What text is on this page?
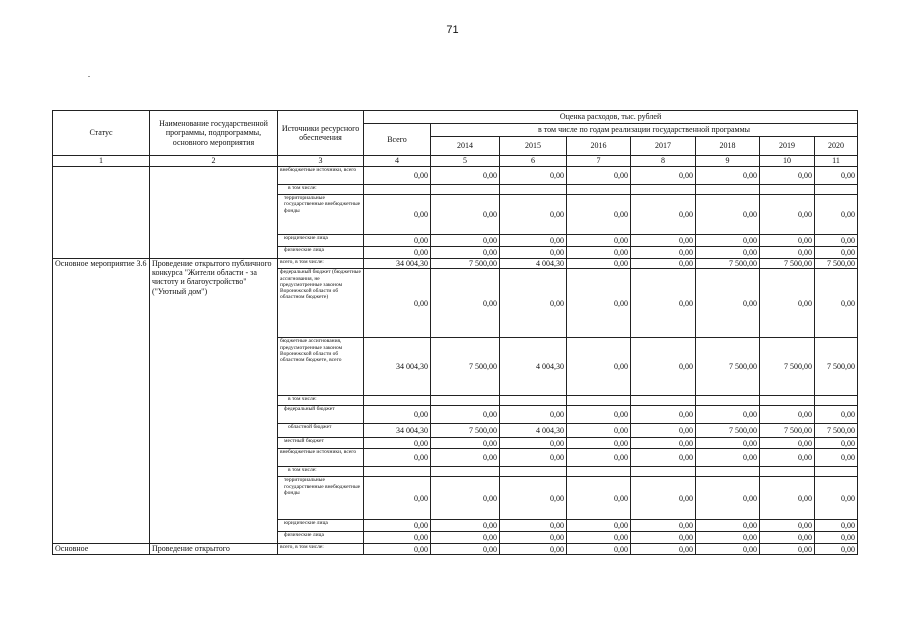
71
Статус	Наименование государственной программы, подпрограммы, основного мероприятия	Источники ресурсного обеспечения	Оценка расходов, тыс. рублей							
			Всего	в том числе по годам реализации государственной программы						
				2014	2015	2016	2017	2018	2019	2020
1	2	3	4	5	6	7	8	9	10	11
		внебюджетные источники, всего	0,00	0,00	0,00	0,00	0,00	0,00	0,00	0,00
		в том числе:								
		территориальные государственные внебюджетные фонды	0,00	0,00	0,00	0,00	0,00	0,00	0,00	0,00
		юридические лица	0,00	0,00	0,00	0,00	0,00	0,00	0,00	0,00
		физические лица	0,00	0,00	0,00	0,00	0,00	0,00	0,00	0,00
Основное мероприятие 3.6	Проведение открытого публичного конкурса "Жители области - за чистоту и благоустройство" ("Уютный дом")	всего, в том числе:	34 004,30	7 500,00	4 004,30	0,00	0,00	7 500,00	7 500,00	7 500,00
		федеральный бюджет (бюджетные ассигнования, не предусмотренные законом Воронежской области об областном бюджете)	0,00	0,00	0,00	0,00	0,00	0,00	0,00	0,00
		бюджетные ассигнования, предусмотренные законом Воронежской области об областном бюджете, всего	34 004,30	7 500,00	4 004,30	0,00	0,00	7 500,00	7 500,00	7 500,00
		в том числе:								
		федеральный бюджет	0,00	0,00	0,00	0,00	0,00	0,00	0,00	0,00
		областной бюджет	34 004,30	7 500,00	4 004,30	0,00	0,00	7 500,00	7 500,00	7 500,00
		местный бюджет	0,00	0,00	0,00	0,00	0,00	0,00	0,00	0,00
		внебюджетные источники, всего	0,00	0,00	0,00	0,00	0,00	0,00	0,00	0,00
		в том числе:								
		территориальные государственные внебюджетные фонды	0,00	0,00	0,00	0,00	0,00	0,00	0,00	0,00
		юридические лица	0,00	0,00	0,00	0,00	0,00	0,00	0,00	0,00
		физические лица	0,00	0,00	0,00	0,00	0,00	0,00	0,00	0,00
Основное	Проведение открытого	всего, в том числе:	0,00	0,00	0,00	0,00	0,00	0,00	0,00	0,00
